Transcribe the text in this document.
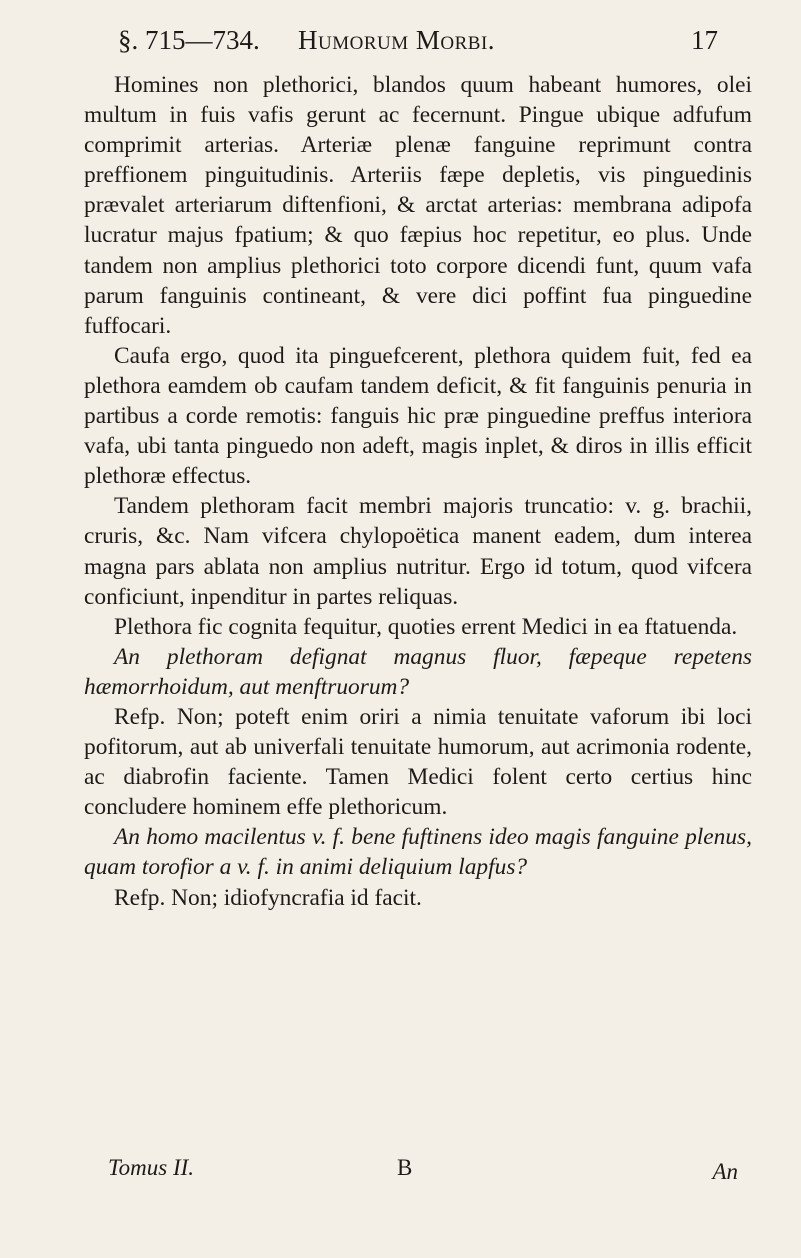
§. 715—734. Humorum Morbi.	17

Homines non plethorici, blandos quum habeant humores, olei multum in fuis vafis gerunt ac fecernunt. Pingue ubique adfufum comprimit arterias. Arteriæ plenæ fanguine reprimunt contra preffionem pinguitudinis. Arteriis fæpe depletis, vis pinguedinis prævalet arteriarum diftenfioni, & arctat arterias: membrana adipofa lucratur majus fpatium; & quo fæpius hoc repetitur, eo plus. Unde tandem non amplius plethorici toto corpore dicendi funt, quum vafa parum fanguinis contineant, & vere dici poffint fua pinguedine fuffocari.

Caufa ergo, quod ita pinguefcerent, plethora quidem fuit, fed ea plethora eamdem ob caufam tandem deficit, & fit fanguinis penuria in partibus a corde remotis: fanguis hic præ pinguedine preffus interiora vafa, ubi tanta pinguedo non adeft, magis inplet, & diros in illis efficit plethoræ effectus.

Tandem plethoram facit membri majoris truncatio: v. g. brachii, cruris, &c. Nam vifcera chylopoëtica manent eadem, dum interea magna pars ablata non amplius nutritur. Ergo id totum, quod vifcera conficiunt, inpenditur in partes reliquas.

Plethora fic cognita fequitur, quoties errent Medici in ea ftatuenda.

An plethoram defignat magnus fluor, fæpeque repetens hæmorrhoidum, aut menftruorum?

Refp. Non; poteft enim oriri a nimia tenuitate vaforum ibi loci pofitorum, aut ab univerfali tenuitate humorum, aut acrimonia rodente, ac diabrofin faciente. Tamen Medici folent certo certius hinc concludere hominem effe plethoricum.

An homo macilentus v. f. bene fuftinens ideo magis fanguine plenus, quam torofior a v. f. in animi deliquium lapfus?

Refp. Non; idiofyncrafia id facit.

Tomus II.	B	An
